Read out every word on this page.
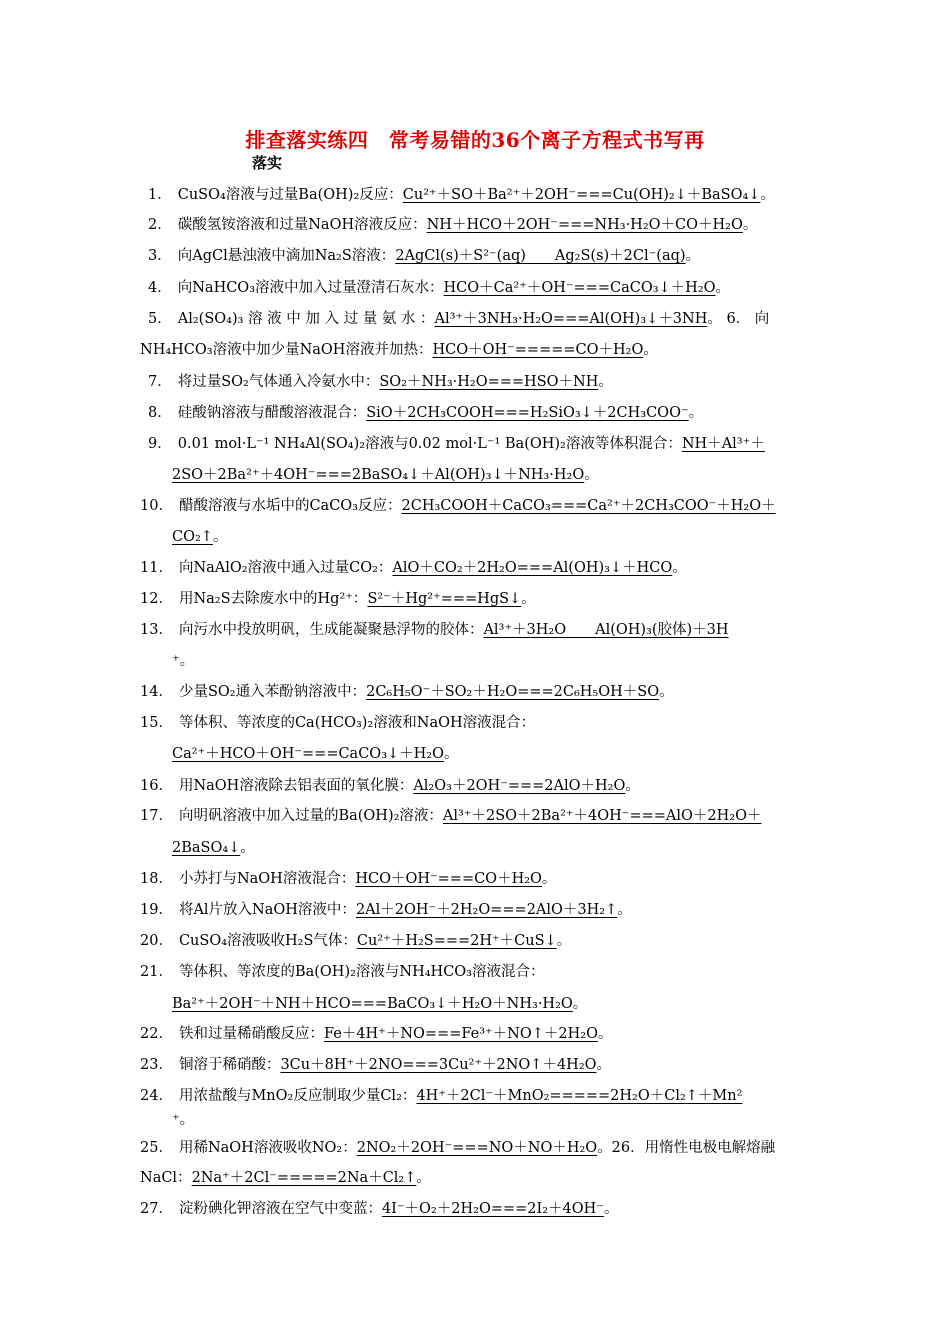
排查落实练四　常考易错的36个离子方程式书写再
落实
1． CuSO₄溶液与过量Ba(OH)₂反应：Cu²⁺＋SO＋Ba²⁺＋2OH⁻===Cu(OH)₂↓＋BaSO₄↓。
2． 碳酸氢铵溶液和过量NaOH溶液反应：NH＋HCO＋2OH⁻===NH₃·H₂O＋CO＋H₂O。
3． 向AgCl悬浊液中滴加Na₂S溶液：2AgCl(s)＋S²⁻(aq)　　Ag₂S(s)＋2Cl⁻(aq)。
4． 向NaHCO₃溶液中加入过量澄清石灰水：HCO＋Ca²⁺＋OH⁻===CaCO₃↓＋H₂O。
5． Al₂(SO₄)₃ 溶 液 中 加 入 过 量 氨 水 ：Al³⁺＋3NH₃·H₂O===Al(OH)₃↓＋3NH。 6． 向
NH₄HCO₃溶液中加少量NaOH溶液并加热：HCO＋OH⁻=====CO＋H₂O。
7． 将过量SO₂气体通入冷氨水中：SO₂＋NH₃·H₂O===HSO＋NH。
8． 硅酸钠溶液与醋酸溶液混合：SiO＋2CH₃COOH===H₂SiO₃↓＋2CH₃COO⁻。
9． 0.01 mol·L⁻¹ NH₄Al(SO₄)₂溶液与0.02 mol·L⁻¹ Ba(OH)₂溶液等体积混合：NH＋Al³⁺＋
2SO＋2Ba²⁺＋4OH⁻===2BaSO₄↓＋Al(OH)₃↓＋NH₃·H₂O。
10． 醋酸溶液与水垢中的CaCO₃反应：2CH₃COOH＋CaCO₃===Ca²⁺＋2CH₃COO⁻＋H₂O＋
CO₂↑。
11． 向NaAlO₂溶液中通入过量CO₂：AlO＋CO₂＋2H₂O===Al(OH)₃↓＋HCO。
12． 用Na₂S去除废水中的Hg²⁺：S²⁻＋Hg²⁺===HgS↓。
13． 向污水中投放明矾，生成能凝聚悬浮物的胶体：Al³⁺＋3H₂O　　Al(OH)₃(胶体)＋3H
⁺。
14． 少量SO₂通入苯酚钠溶液中：2C₆H₅O⁻＋SO₂＋H₂O===2C₆H₅OH＋SO。
15． 等体积、等浓度的Ca(HCO₃)₂溶液和NaOH溶液混合：
Ca²⁺＋HCO＋OH⁻===CaCO₃↓＋H₂O。
16． 用NaOH溶液除去铝表面的氧化膜：Al₂O₃＋2OH⁻===2AlO＋H₂O。
17． 向明矾溶液中加入过量的Ba(OH)₂溶液：Al³⁺＋2SO＋2Ba²⁺＋4OH⁻===AlO＋2H₂O＋
2BaSO₄↓。
18． 小苏打与NaOH溶液混合：HCO＋OH⁻===CO＋H₂O。
19． 将Al片放入NaOH溶液中：2Al＋2OH⁻＋2H₂O===2AlO＋3H₂↑。
20． CuSO₄溶液吸收H₂S气体：Cu²⁺＋H₂S===2H⁺＋CuS↓。
21． 等体积、等浓度的Ba(OH)₂溶液与NH₄HCO₃溶液混合：
Ba²⁺＋2OH⁻＋NH＋HCO===BaCO₃↓＋H₂O＋NH₃·H₂O。
22． 铁和过量稀硝酸反应：Fe＋4H⁺＋NO===Fe³⁺＋NO↑＋2H₂O。
23． 铜溶于稀硝酸：3Cu＋8H⁺＋2NO===3Cu²⁺＋2NO↑＋4H₂O。
24． 用浓盐酸与MnO₂反应制取少量Cl₂：4H⁺＋2Cl⁻＋MnO₂=====2H₂O＋Cl₂↑＋Mn²
⁺。
25． 用稀NaOH溶液吸收NO₂：2NO₂＋2OH⁻===NO＋NO＋H₂O。26．用惰性电极电解熔融
NaCl：2Na⁺＋2Cl⁻=====2Na＋Cl₂↑。
27． 淀粉碘化钾溶液在空气中变蓝：4I⁻＋O₂＋2H₂O===2I₂＋4OH⁻。
